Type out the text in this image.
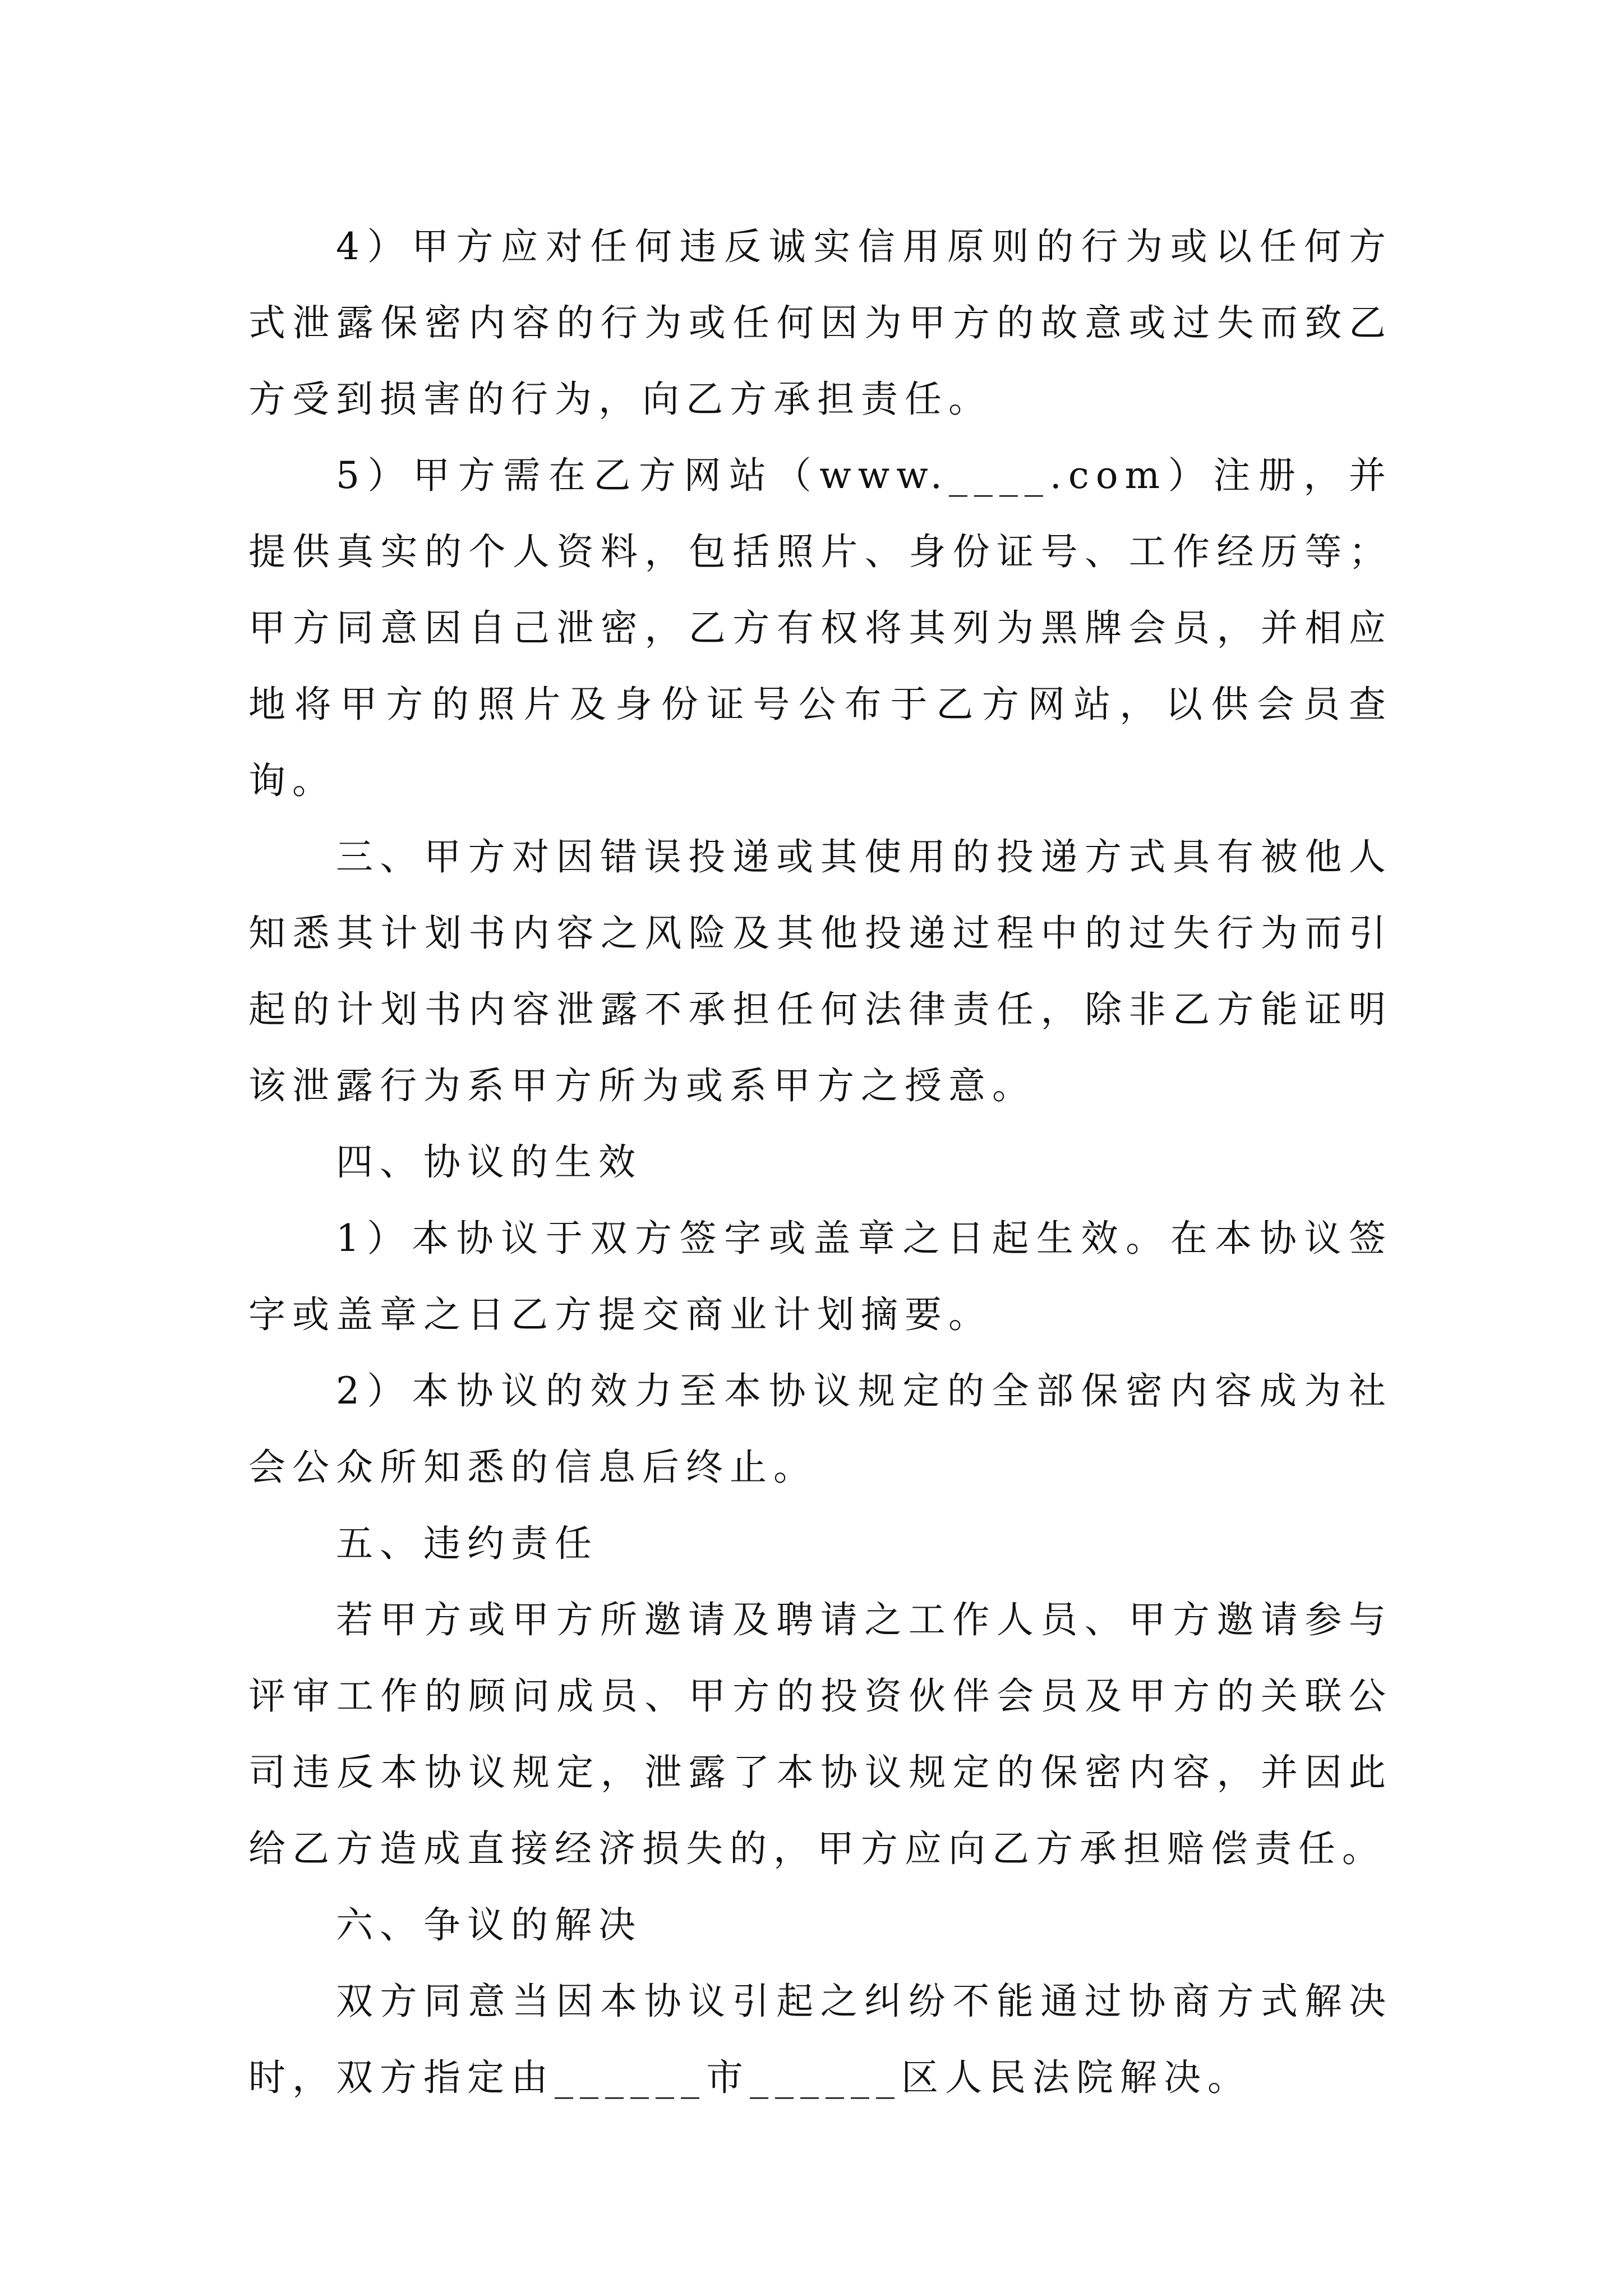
4）甲方应对任何违反诚实信用原则的行为或以任何方式泄露保密内容的行为或任何因为甲方的故意或过失而致乙方受到损害的行为，向乙方承担责任。

5）甲方需在乙方网站（www.____.com）注册，并提供真实的个人资料，包括照片、身份证号、工作经历等；甲方同意因自己泄密，乙方有权将其列为黑牌会员，并相应地将甲方的照片及身份证号公布于乙方网站，以供会员查询。

三、甲方对因错误投递或其使用的投递方式具有被他人知悉其计划书内容之风险及其他投递过程中的过失行为而引起的计划书内容泄露不承担任何法律责任，除非乙方能证明该泄露行为系甲方所为或系甲方之授意。

四、协议的生效

1）本协议于双方签字或盖章之日起生效。在本协议签字或盖章之日乙方提交商业计划摘要。

2）本协议的效力至本协议规定的全部保密内容成为社会公众所知悉的信息后终止。

五、违约责任

若甲方或甲方所邀请及聘请之工作人员、甲方邀请参与评审工作的顾问成员、甲方的投资伙伴会员及甲方的关联公司违反本协议规定，泄露了本协议规定的保密内容，并因此给乙方造成直接经济损失的，甲方应向乙方承担赔偿责任。

六、争议的解决

双方同意当因本协议引起之纠纷不能通过协商方式解决时，双方指定由______市______区人民法院解决。
